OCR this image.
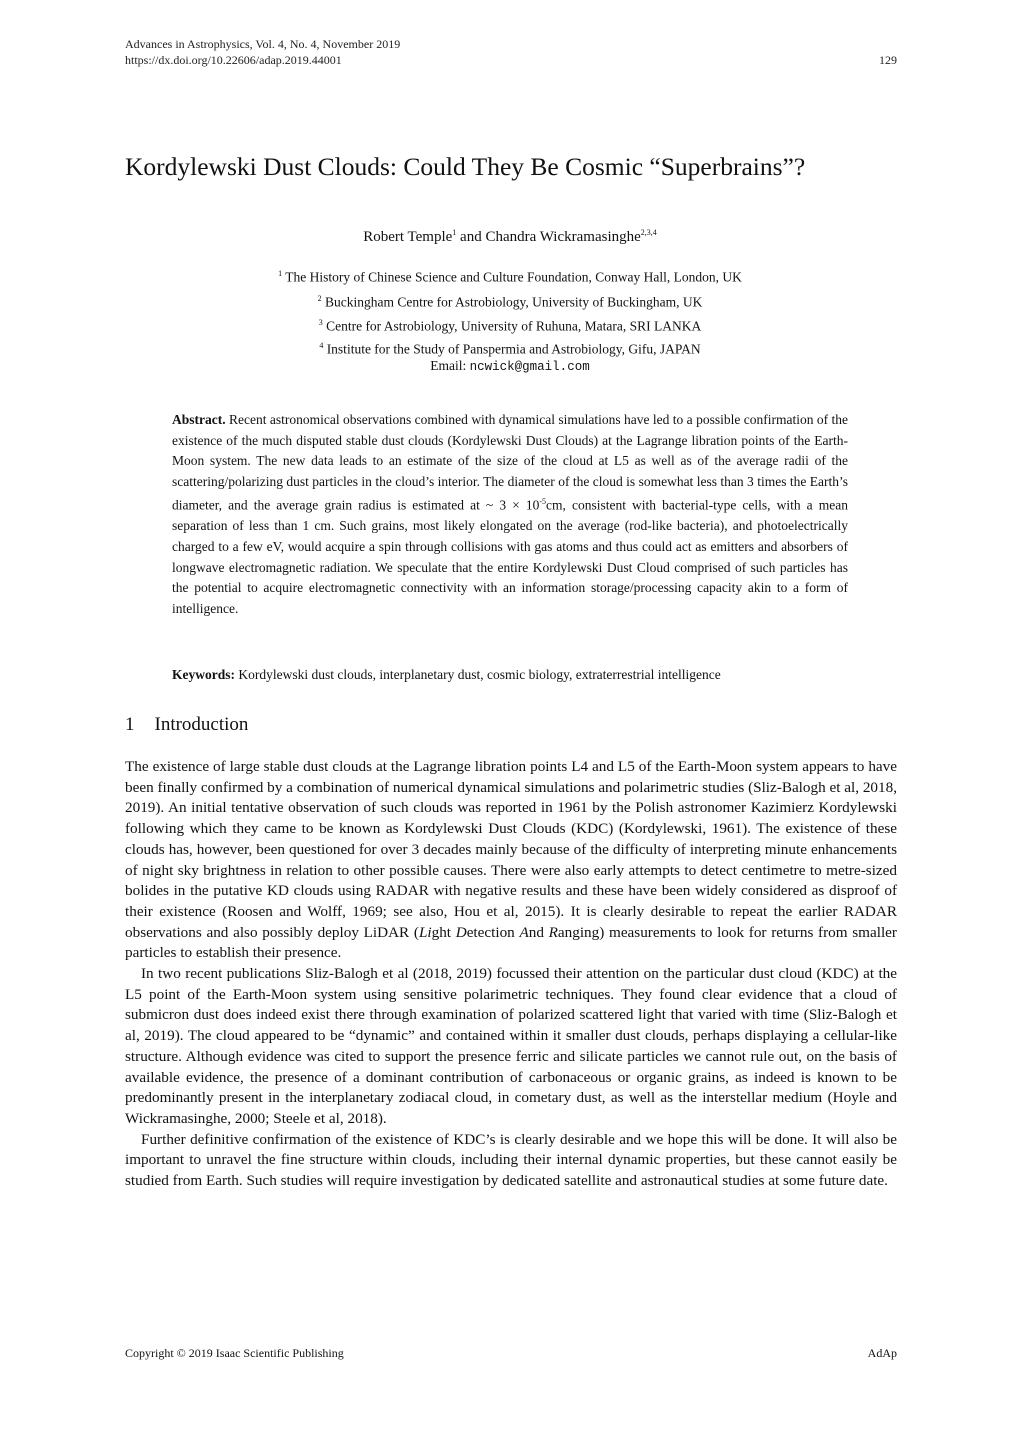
Advances in Astrophysics, Vol. 4, No. 4, November 2019
https://dx.doi.org/10.22606/adap.2019.44001	129
Kordylewski Dust Clouds: Could They Be Cosmic “Superbrains”?
Robert Temple$^1$ and Chandra Wickramasinghe$^{2,3,4}$
$^1$ The History of Chinese Science and Culture Foundation, Conway Hall, London, UK
$^2$ Buckingham Centre for Astrobiology, University of Buckingham, UK
$^3$ Centre for Astrobiology, University of Ruhuna, Matara, SRI LANKA
$^4$ Institute for the Study of Panspermia and Astrobiology, Gifu, JAPAN
Email: ncwick@gmail.com
Abstract. Recent astronomical observations combined with dynamical simulations have led to a possible confirmation of the existence of the much disputed stable dust clouds (Kordylewski Dust Clouds) at the Lagrange libration points of the Earth-Moon system. The new data leads to an estimate of the size of the cloud at L5 as well as of the average radii of the scattering/polarizing dust particles in the cloud’s interior. The diameter of the cloud is somewhat less than 3 times the Earth’s diameter, and the average grain radius is estimated at ~ $3 \times 10^{-5}cm$, consistent with bacterial-type cells, with a mean separation of less than 1 cm. Such grains, most likely elongated on the average (rod-like bacteria), and photoelectrically charged to a few eV, would acquire a spin through collisions with gas atoms and thus could act as emitters and absorbers of longwave electromagnetic radiation. We speculate that the entire Kordylewski Dust Cloud comprised of such particles has the potential to acquire electromagnetic connectivity with an information storage/processing capacity akin to a form of intelligence.
Keywords: Kordylewski dust clouds, interplanetary dust, cosmic biology, extraterrestrial intelligence
1 Introduction

The existence of large stable dust clouds at the Lagrange libration points L4 and L5 of the Earth-Moon system appears to have been finally confirmed by a combination of numerical dynamical simulations and polarimetric studies (Sliz-Balogh et al, 2018, 2019). An initial tentative observation of such clouds was reported in 1961 by the Polish astronomer Kazimierz Kordylewski following which they came to be known as Kordylewski Dust Clouds (KDC) (Kordylewski, 1961). The existence of these clouds has, however, been questioned for over 3 decades mainly because of the difficulty of interpreting minute enhancements of night sky brightness in relation to other possible causes. There were also early attempts to detect centimetre to metre-sized bolides in the putative KD clouds using RADAR with negative results and these have been widely considered as disproof of their existence (Roosen and Wolff, 1969; see also, Hou et al, 2015). It is clearly desirable to repeat the earlier RADAR observations and also possibly deploy LiDAR (Light Detection And Ranging) measurements to look for returns from smaller particles to establish their presence.

In two recent publications Sliz-Balogh et al (2018, 2019) focussed their attention on the particular dust cloud (KDC) at the L5 point of the Earth-Moon system using sensitive polarimetric techniques. They found clear evidence that a cloud of submicron dust does indeed exist there through examination of polarized scattered light that varied with time (Sliz-Balogh et al, 2019). The cloud appeared to be “dynamic” and contained within it smaller dust clouds, perhaps displaying a cellular-like structure. Although evidence was cited to support the presence ferric and silicate particles we cannot rule out, on the basis of available evidence, the presence of a dominant contribution of carbonaceous or organic grains, as indeed is known to be predominantly present in the interplanetary zodiacal cloud, in cometary dust, as well as the interstellar medium (Hoyle and Wickramasinghe, 2000; Steele et al, 2018).

Further definitive confirmation of the existence of KDC’s is clearly desirable and we hope this will be done. It will also be important to unravel the fine structure within clouds, including their internal dynamic properties, but these cannot easily be studied from Earth. Such studies will require investigation by dedicated satellite and astronautical studies at some future date.

Copyright © 2019 Isaac Scientific Publishing	AdAp
